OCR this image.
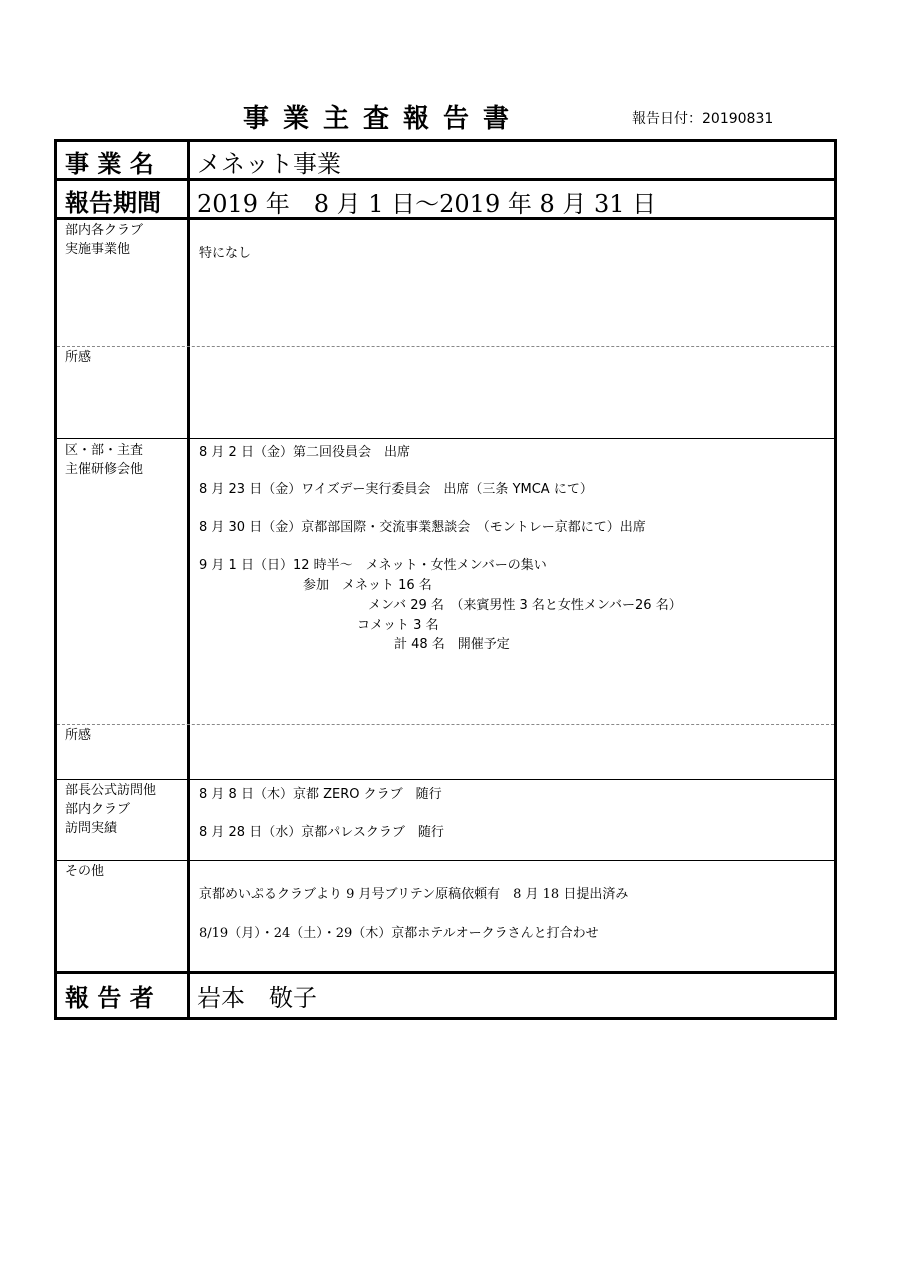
事業主査報告書	報告日付：20190831
事 業 名 メネット事業
報告期間 2019 年　8 月 1 日～2019 年 8 月 31 日
部内各クラブ
実施事業他	特になし
所感
区・部・主査
主催研修会他
8 月 2 日（金）第二回役員会　出席
8 月 23 日（金）ワイズデー実行委員会　出席（三条 YMCA にて）
8 月 30 日（金）京都部国際・交流事業懇談会　（モントレー京都にて）出席
9 月 1 日（日）12 時半～　メネット・女性メンバーの集い
参加　メネット 16 名
メンバ 29 名　（来賓男性 3 名と女性メンバー26 名）
コメット 3 名
計 48 名　開催予定
所感
部長公式訪問他
部内クラブ
訪問実績
8 月 8 日（木）京都 ZERO クラブ　随行
8 月 28 日（水）京都パレスクラブ　随行
その他
京都めいぷるクラブより 9 月号ブリテン原稿依頼有　8 月 18 日提出済み
8/19（月）・24（土）・29（木）京都ホテルオークラさんと打合わせ
報 告 者 岩本　敬子
